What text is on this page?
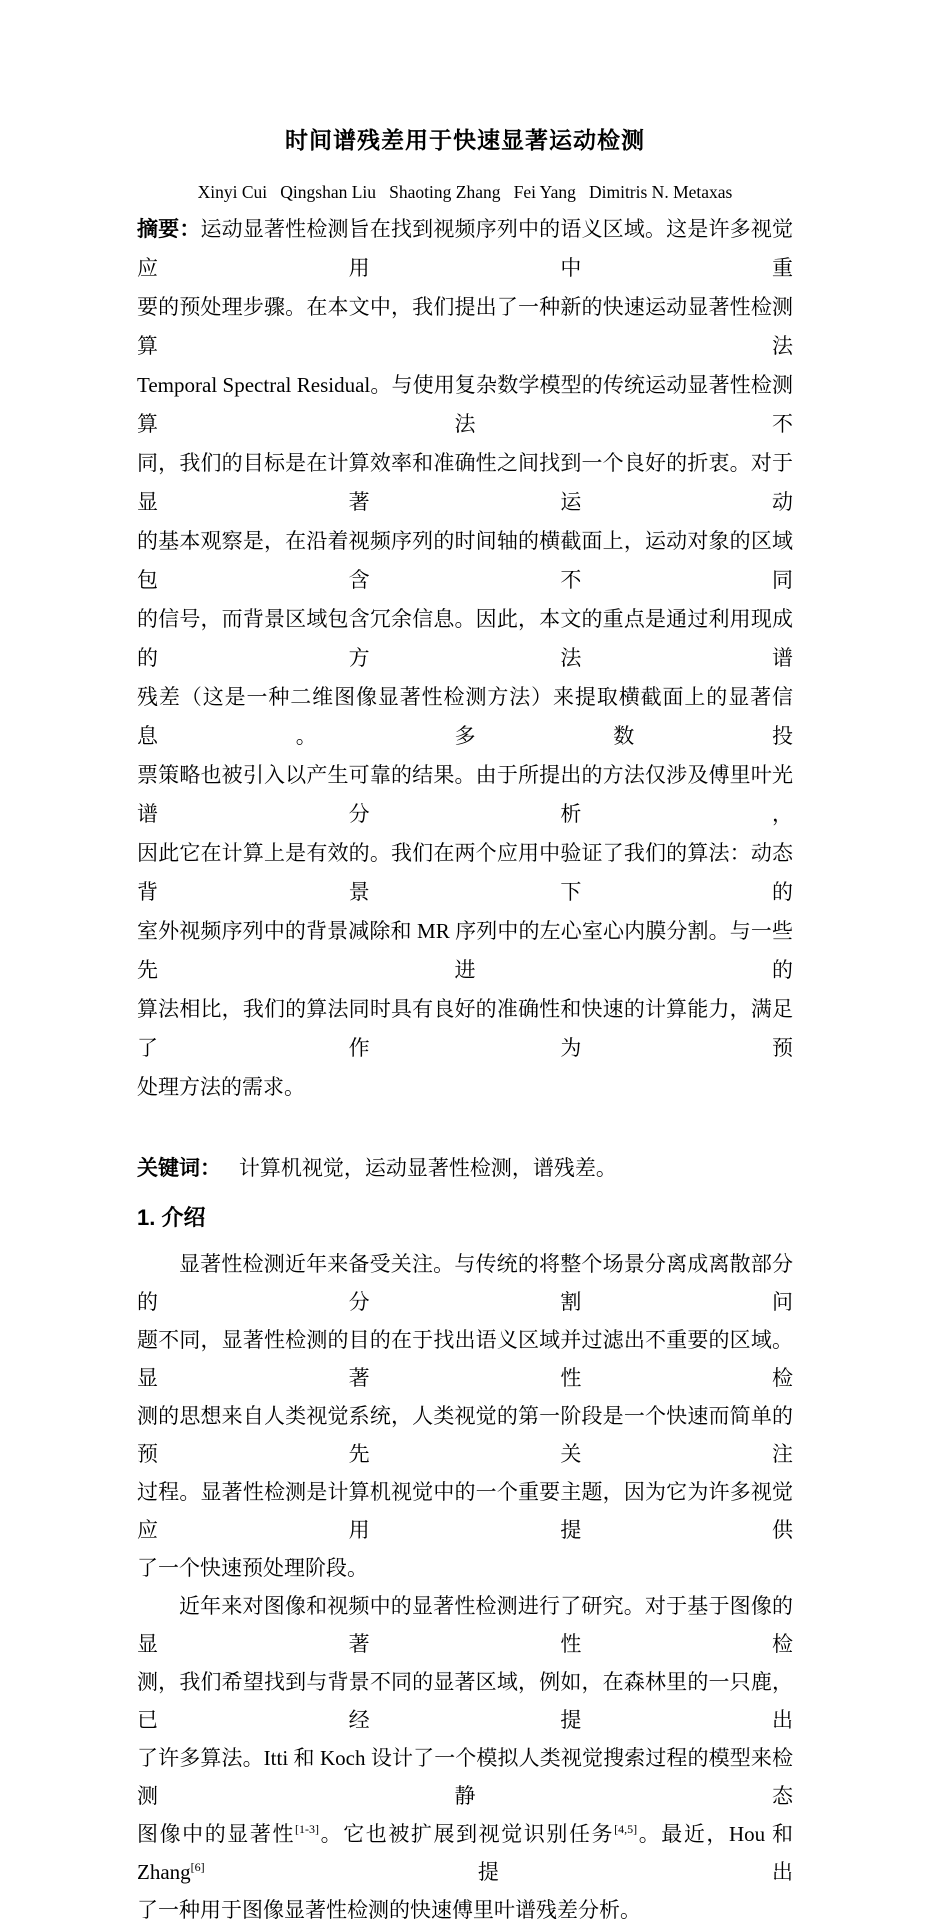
时间谱残差用于快速显著运动检测
Xinyi Cui   Qingshan Liu   Shaoting Zhang   Fei Yang   Dimitris N. Metaxas
摘要：运动显著性检测旨在找到视频序列中的语义区域。这是许多视觉应用中重
要的预处理步骤。在本文中，我们提出了一种新的快速运动显著性检测算法
Temporal Spectral Residual。与使用复杂数学模型的传统运动显著性检测算法不
同，我们的目标是在计算效率和准确性之间找到一个良好的折衷。对于显著运动
的基本观察是，在沿着视频序列的时间轴的横截面上，运动对象的区域包含不同
的信号，而背景区域包含冗余信息。因此，本文的重点是通过利用现成的方法谱
残差（这是一种二维图像显著性检测方法）来提取横截面上的显著信息。多数投
票策略也被引入以产生可靠的结果。由于所提出的方法仅涉及傅里叶光谱分析，
因此它在计算上是有效的。我们在两个应用中验证了我们的算法：动态背景下的
室外视频序列中的背景减除和 MR 序列中的左心室心内膜分割。与一些先进的
算法相比，我们的算法同时具有良好的准确性和快速的计算能力，满足了作为预
处理方法的需求。
关键词： 计算机视觉，运动显著性检测，谱残差。
1. 介绍
显著性检测近年来备受关注。与传统的将整个场景分离成离散部分的分割问
题不同，显著性检测的目的在于找出语义区域并过滤出不重要的区域。显著性检
测的思想来自人类视觉系统，人类视觉的第一阶段是一个快速而简单的预先关注
过程。显著性检测是计算机视觉中的一个重要主题，因为它为许多视觉应用提供
了一个快速预处理阶段。
近年来对图像和视频中的显著性检测进行了研究。对于基于图像的显著性检
测，我们希望找到与背景不同的显著区域，例如，在森林里的一只鹿，已经提出
了许多算法。Itti 和 Koch 设计了一个模拟人类视觉搜索过程的模型来检测静态
图像中的显著性[1-3]。它也被扩展到视觉识别任务[4,5]。最近，Hou 和 Zhang[6]提出
了一种用于图像显著性检测的快速傅里叶谱残差分析。
